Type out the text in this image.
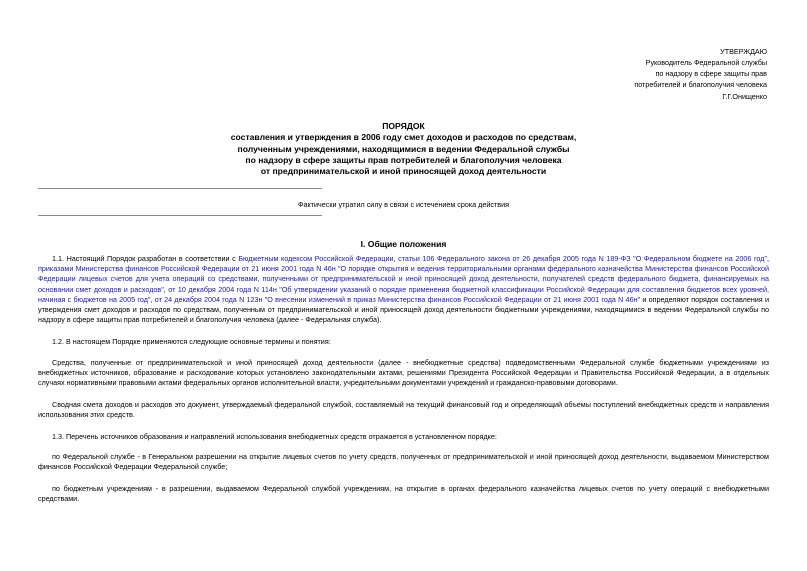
УТВЕРЖДАЮ
Руководитель Федеральной службы
по надзору в сфере защиты прав
потребителей и благополучия человека
Г.Г.Онищенко
ПОРЯДОК
составления и утверждения в 2006 году смет доходов и расходов по средствам,
полученным учреждениями, находящимися в ведении Федеральной службы
по надзору в сфере защиты прав потребителей и благополучия человека
от предпринимательской и иной приносящей доход деятельности
Фактически утратил силу в связи с истечением срока действия
I. Общие положения

1.1. Настоящий Порядок разработан в соответствии с Бюджетным кодексом Российской Федерации, статьи 106 Федерального закона от 26 декабря 2005 года N 189-ФЗ "О Федеральном бюджете на 2006 год", приказами Министерства финансов Российской Федерации от 21 июня 2001 года N 46н "О порядке открытия и ведения территориальными органами федерального казначейства Министерства финансов Российской Федерации лицевых счетов для учета операций со средствами, полученными от предпринимательской и иной приносящей доход деятельности, получателей средств федерального бюджета, финансируемых на основании смет доходов и расходов", от 10 декабря 2004 года N 114н "Об утверждении указаний о порядке применения бюджетной классификации Российской Федерации для составления бюджетов всех уровней, начиная с бюджетов на 2005 год", от 24 декабря 2004 года N 123н "О внесении изменений в приказ Министерства финансов Российской Федерации от 21 июня 2001 года N 46н" и определяют порядок составления и утверждения смет доходов и расходов по средствам, полученным от предпринимательской и иной приносящей доход деятельности бюджетными учреждениями, находящимися в ведении Федеральной службы по надзору в сфере защиты прав потребителей и благополучия человека (далее - Федеральная служба).

1.2. В настоящем Порядке применяются следующие основные термины и понятия:

Средства, полученные от предпринимательской и иной приносящей доход деятельности (далее - внебюджетные средства) подведомственными Федеральной службе бюджетными учреждениями из внебюджетных источников, образование и расходование которых установлено законодательными актами, решениями Президента Российской Федерации и Правительства Российской Федерации, а в отдельных случаях нормативными правовыми актами федеральных органов исполнительной власти, учредительными документами учреждений и гражданско-правовыми договорами.

Сводная смета доходов и расходов это документ, утверждаемый федеральной службой, составляемый на текущий финансовый год и определяющий объемы поступлений внебюджетных средств и направления использования этих средств.

1.3. Перечень источников образования и направлений использования внебюджетных средств отражается в установленном порядке:

по Федеральной службе - в Генеральном разрешении на открытие лицевых счетов по учету средств, полученных от предпринимательской и иной приносящей доход деятельности, выдаваемом Министерством финансов Российской Федерации Федеральной службе;

по бюджетным учреждениям - в разрешении, выдаваемом Федеральной службой учреждениям, на открытие в органах федерального казначейства лицевых счетов по учету операций с внебюджетными средствами.
